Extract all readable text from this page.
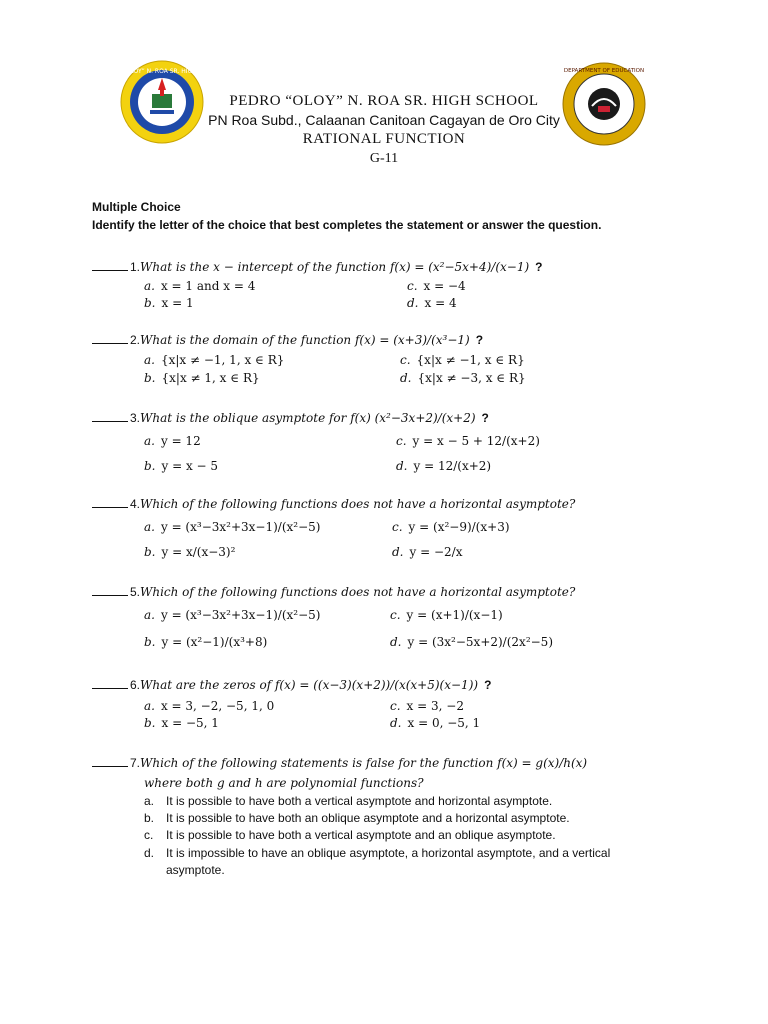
PEDRO “OLOY” N. ROA SR. HIGH SCHOOL	DEPARTMENT OF EDUCATION
PEDRO “OLOY” N. ROA SR. HIGH SCHOOL
PN Roa Subd., Calaanan Canitoan Cagayan de Oro City
RATIONAL FUNCTION
G-11
Multiple Choice
Identify the letter of the choice that best completes the statement or answer the question.
1.What is the x − intercept of the function f(x) = (x²−5x+4)/(x−1) ?
a. x = 1 and x = 4	c. x = −4
b. x = 1	d. x = 4
2.What is the domain of the function f(x) = (x+3)/(x³−1) ?
a. {x|x ≠ −1, 1, x ∈ R}	c. {x|x ≠ −1, x ∈ R}
b. {x|x ≠ 1, x ∈ R}	d. {x|x ≠ −3, x ∈ R}
3.What is the oblique asymptote for f(x) (x²−3x+2)/(x+2) ?
a. y = 12	c. y = x − 5 + 12/(x+2)
b. y = x − 5	d. y = 12/(x+2)
4.Which of the following functions does not have a horizontal asymptote?
a. y = (x³−3x²+3x−1)/(x²−5)	c. y = (x²−9)/(x+3)
b. y = x/(x−3)²	d. y = −2/x
5.Which of the following functions does not have a horizontal asymptote?
a. y = (x³−3x²+3x−1)/(x²−5)	c. y = (x+1)/(x−1)
b. y = (x²−1)/(x³+8)	d. y = (3x²−5x+2)/(2x²−5)
6.What are the zeros of f(x) = ((x−3)(x+2))/(x(x+5)(x−1)) ?
a. x = 3, −2, −5, 1, 0	c. x = 3, −2
b. x = −5, 1	d. x = 0, −5, 1
7.Which of the following statements is false for the function f(x) = g(x)/h(x)
where both g and h are polynomial functions?
a. It is possible to have both a vertical asymptote and horizontal asymptote.
b. It is possible to have both an oblique asymptote and a horizontal asymptote.
c.	It is possible to have both a vertical asymptote and an oblique asymptote.
d. It is impossible to have an oblique asymptote, a horizontal asymptote, and a vertical asymptote.
